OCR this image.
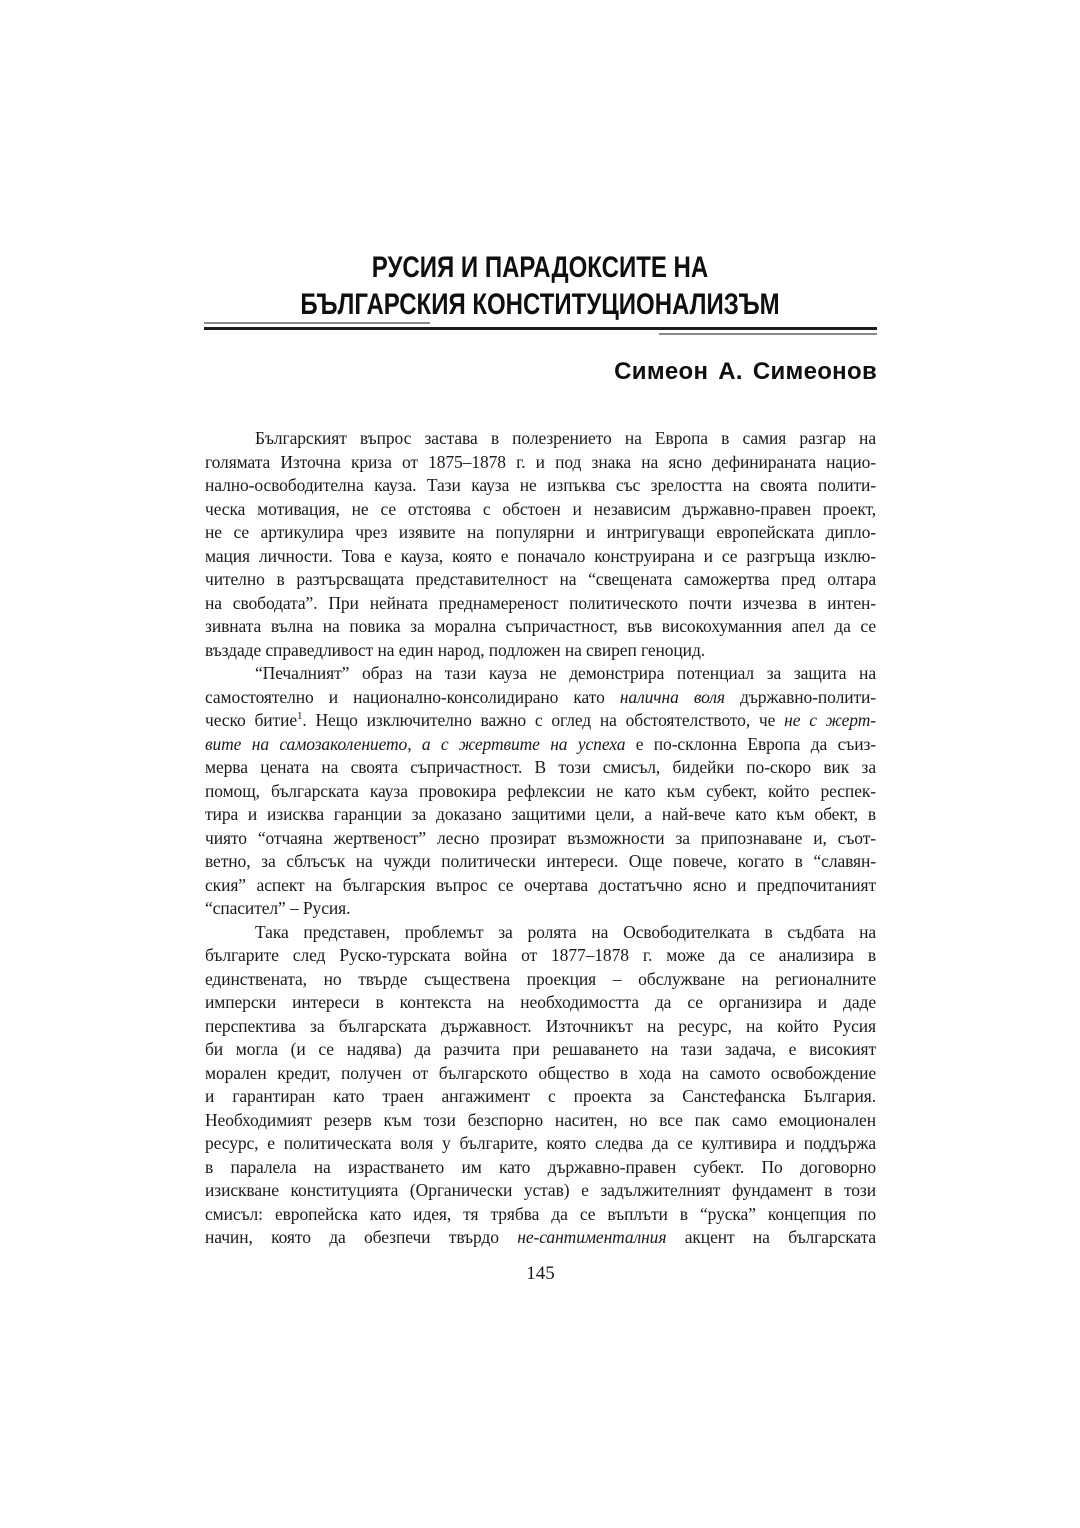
РУСИЯ И ПАРАДОКСИТЕ НА
БЪЛГАРСКИЯ КОНСТИТУЦИОНАЛИЗЪМ
Симеон А. Симеонов
Българският въпрос застава в полезрението на Европа в самия разгар на
голямата Източна криза от 1875–1878 г. и под знака на ясно дефинираната нацио-
нално-освободителна кауза. Тази кауза не изпъква със зрелостта на своята полити-
ческа мотивация, не се отстоява с обстоен и независим държавно-правен проект,
не се артикулира чрез изявите на популярни и интригуващи европейската дипло-
мация личности. Това е кауза, която е поначало конструирана и се разгръща изклю-
чително в разтърсващата представителност на “свещената саможертва пред олтара
на свободата”. При нейната преднамереност политическото почти изчезва в интен-
зивната вълна на повика за морална съпричастност, във високохуманния апел да се
въздаде справедливост на един народ, подложен на свиреп геноцид.
“Печалният” образ на тази кауза не демонстрира потенциал за защита на
самостоятелно и национално-консолидирано като налична воля държавно-полити-
ческо битие$^1$. Нещо изключително важно с оглед на обстоятелството, че не с жерт-
вите на самозаколението, а с жертвите на успеха е по-склонна Европа да съиз-
мерва цената на своята съпричастност. В този смисъл, бидейки по-скоро вик за
помощ, българската кауза провокира рефлексии не като към субект, който респек-
тира и изисква гаранции за доказано защитими цели, а най-вече като към обект, в
чиято “отчаяна жертвеност” лесно прозират възможности за припознаване и, съот-
ветно, за сблъсък на чужди политически интереси. Още повече, когато в “славян-
ския” аспект на българския въпрос се очертава достатъчно ясно и предпочитаният
“спасител” – Русия.
Така представен, проблемът за ролята на Освободителката в съдбата на
българите след Руско-турската война от 1877–1878 г. може да се анализира в
единствената, но твърде съществена проекция – обслужване на регионалните
имперски интереси в контекста на необходимостта да се организира и даде
перспектива за българската държавност. Източникът на ресурс, на който Русия
би могла (и се надява) да разчита при решаването на тази задача, е високият
морален кредит, получен от българското общество в хода на самото освобождение
и гарантиран като траен ангажимент с проекта за Санстефанска България.
Необходимият резерв към този безспорно наситен, но все пак само емоционален
ресурс, е политическата воля у българите, която следва да се култивира и поддържа
в паралела на израстването им като държавно-правен субект. По договорно
изискване конституцията (Органически устав) е задължителният фундамент в този
смисъл: европейска като идея, тя трябва да се въплъти в “руска” концепция по
начин, която да обезпечи твърдо не-сантименталния акцент на българската
145
